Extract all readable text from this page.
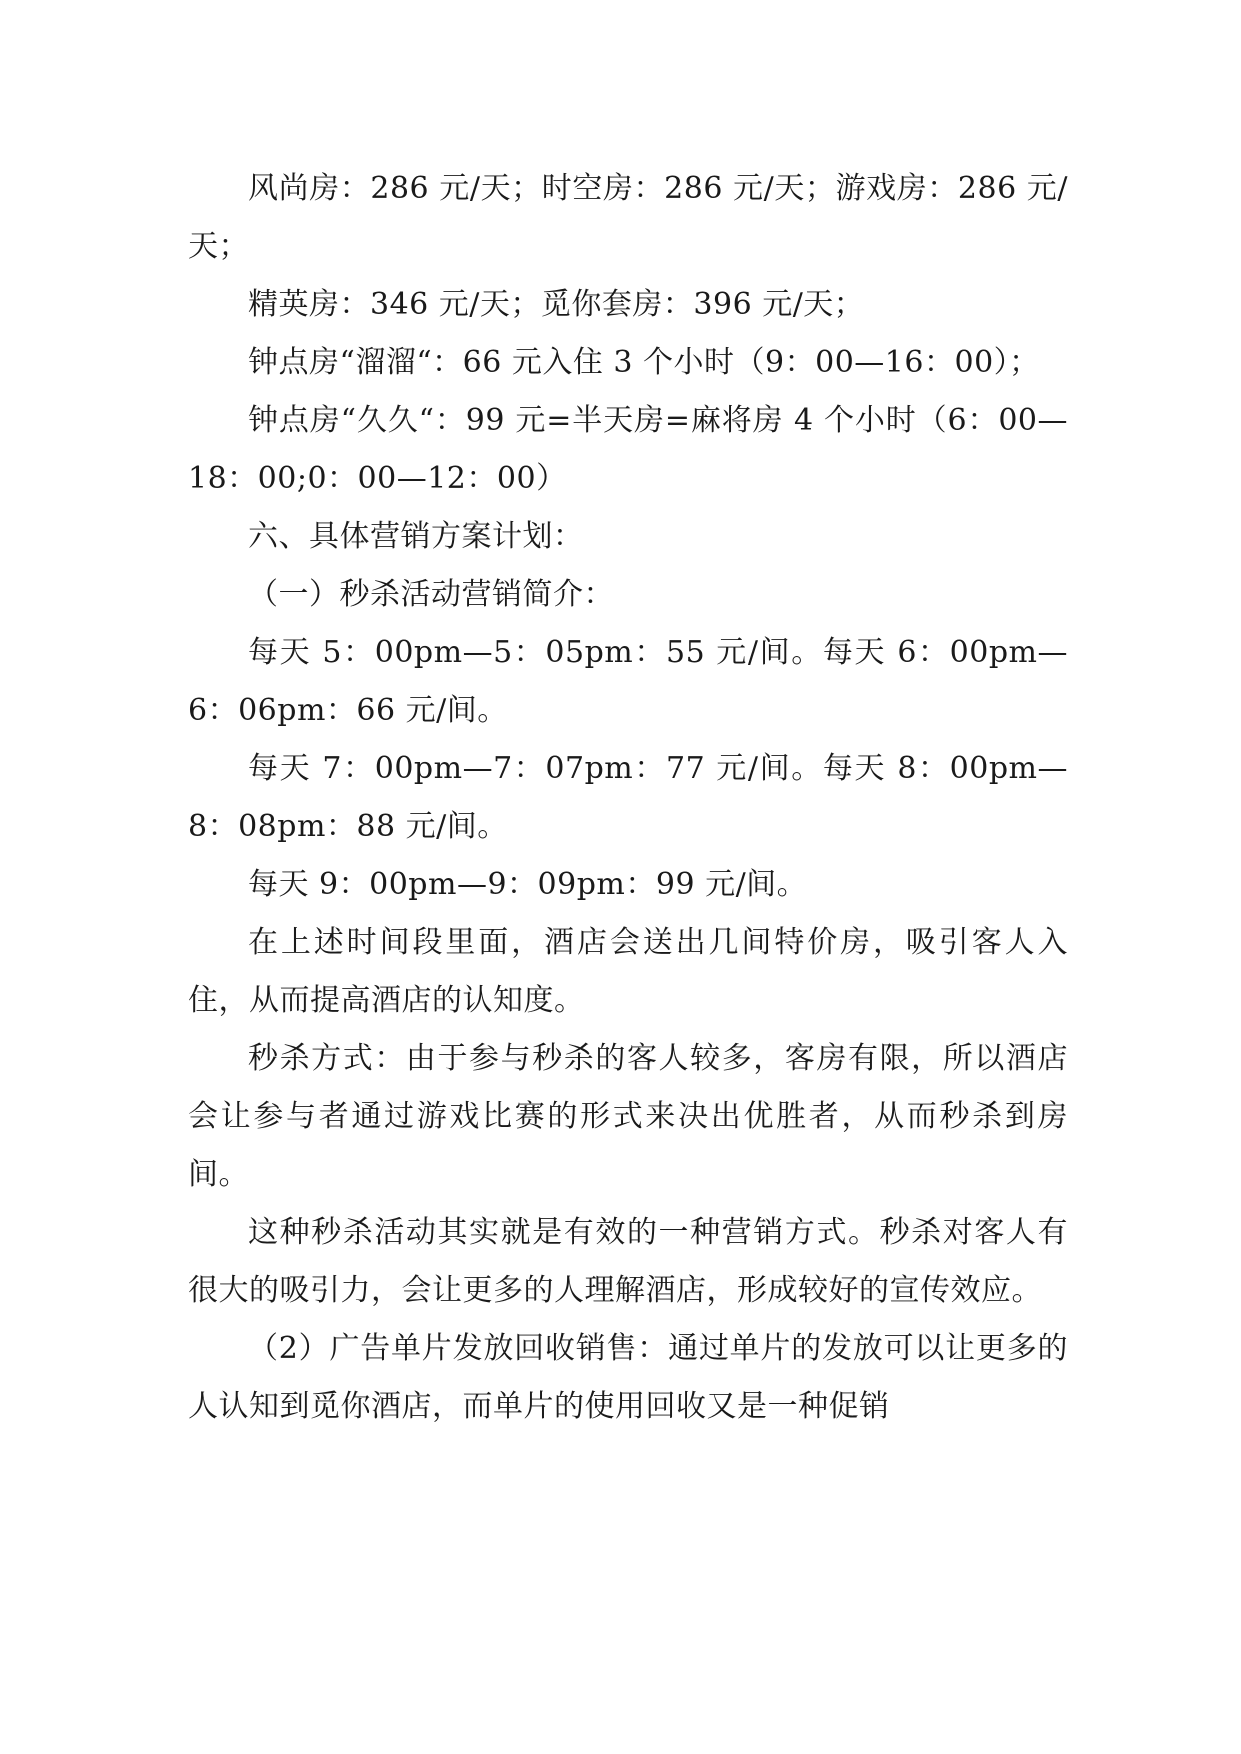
风尚房：286 元/天；时空房：286 元/天；游戏房：286 元/天；

精英房：346 元/天；觅你套房：396 元/天；

钟点房“溜溜“：66 元入住 3 个小时（9：00—16：00）；

钟点房“久久“：99 元=半天房=麻将房 4 个小时（6：00—18：00;0：00—12：00）

六、具体营销方案计划：

（一）秒杀活动营销简介：

每天 5：00pm—5：05pm：55 元/间。每天 6：00pm—6：06pm：66 元/间。

每天 7：00pm—7：07pm：77 元/间。每天 8：00pm—8：08pm：88 元/间。

每天 9：00pm—9：09pm：99 元/间。

在上述时间段里面，酒店会送出几间特价房，吸引客人入住，从而提高酒店的认知度。

秒杀方式：由于参与秒杀的客人较多，客房有限，所以酒店会让参与者通过游戏比赛的形式来决出优胜者，从而秒杀到房间。

这种秒杀活动其实就是有效的一种营销方式。秒杀对客人有很大的吸引力，会让更多的人理解酒店，形成较好的宣传效应。

（2）广告单片发放回收销售：通过单片的发放可以让更多的人认知到觅你酒店，而单片的使用回收又是一种促销
